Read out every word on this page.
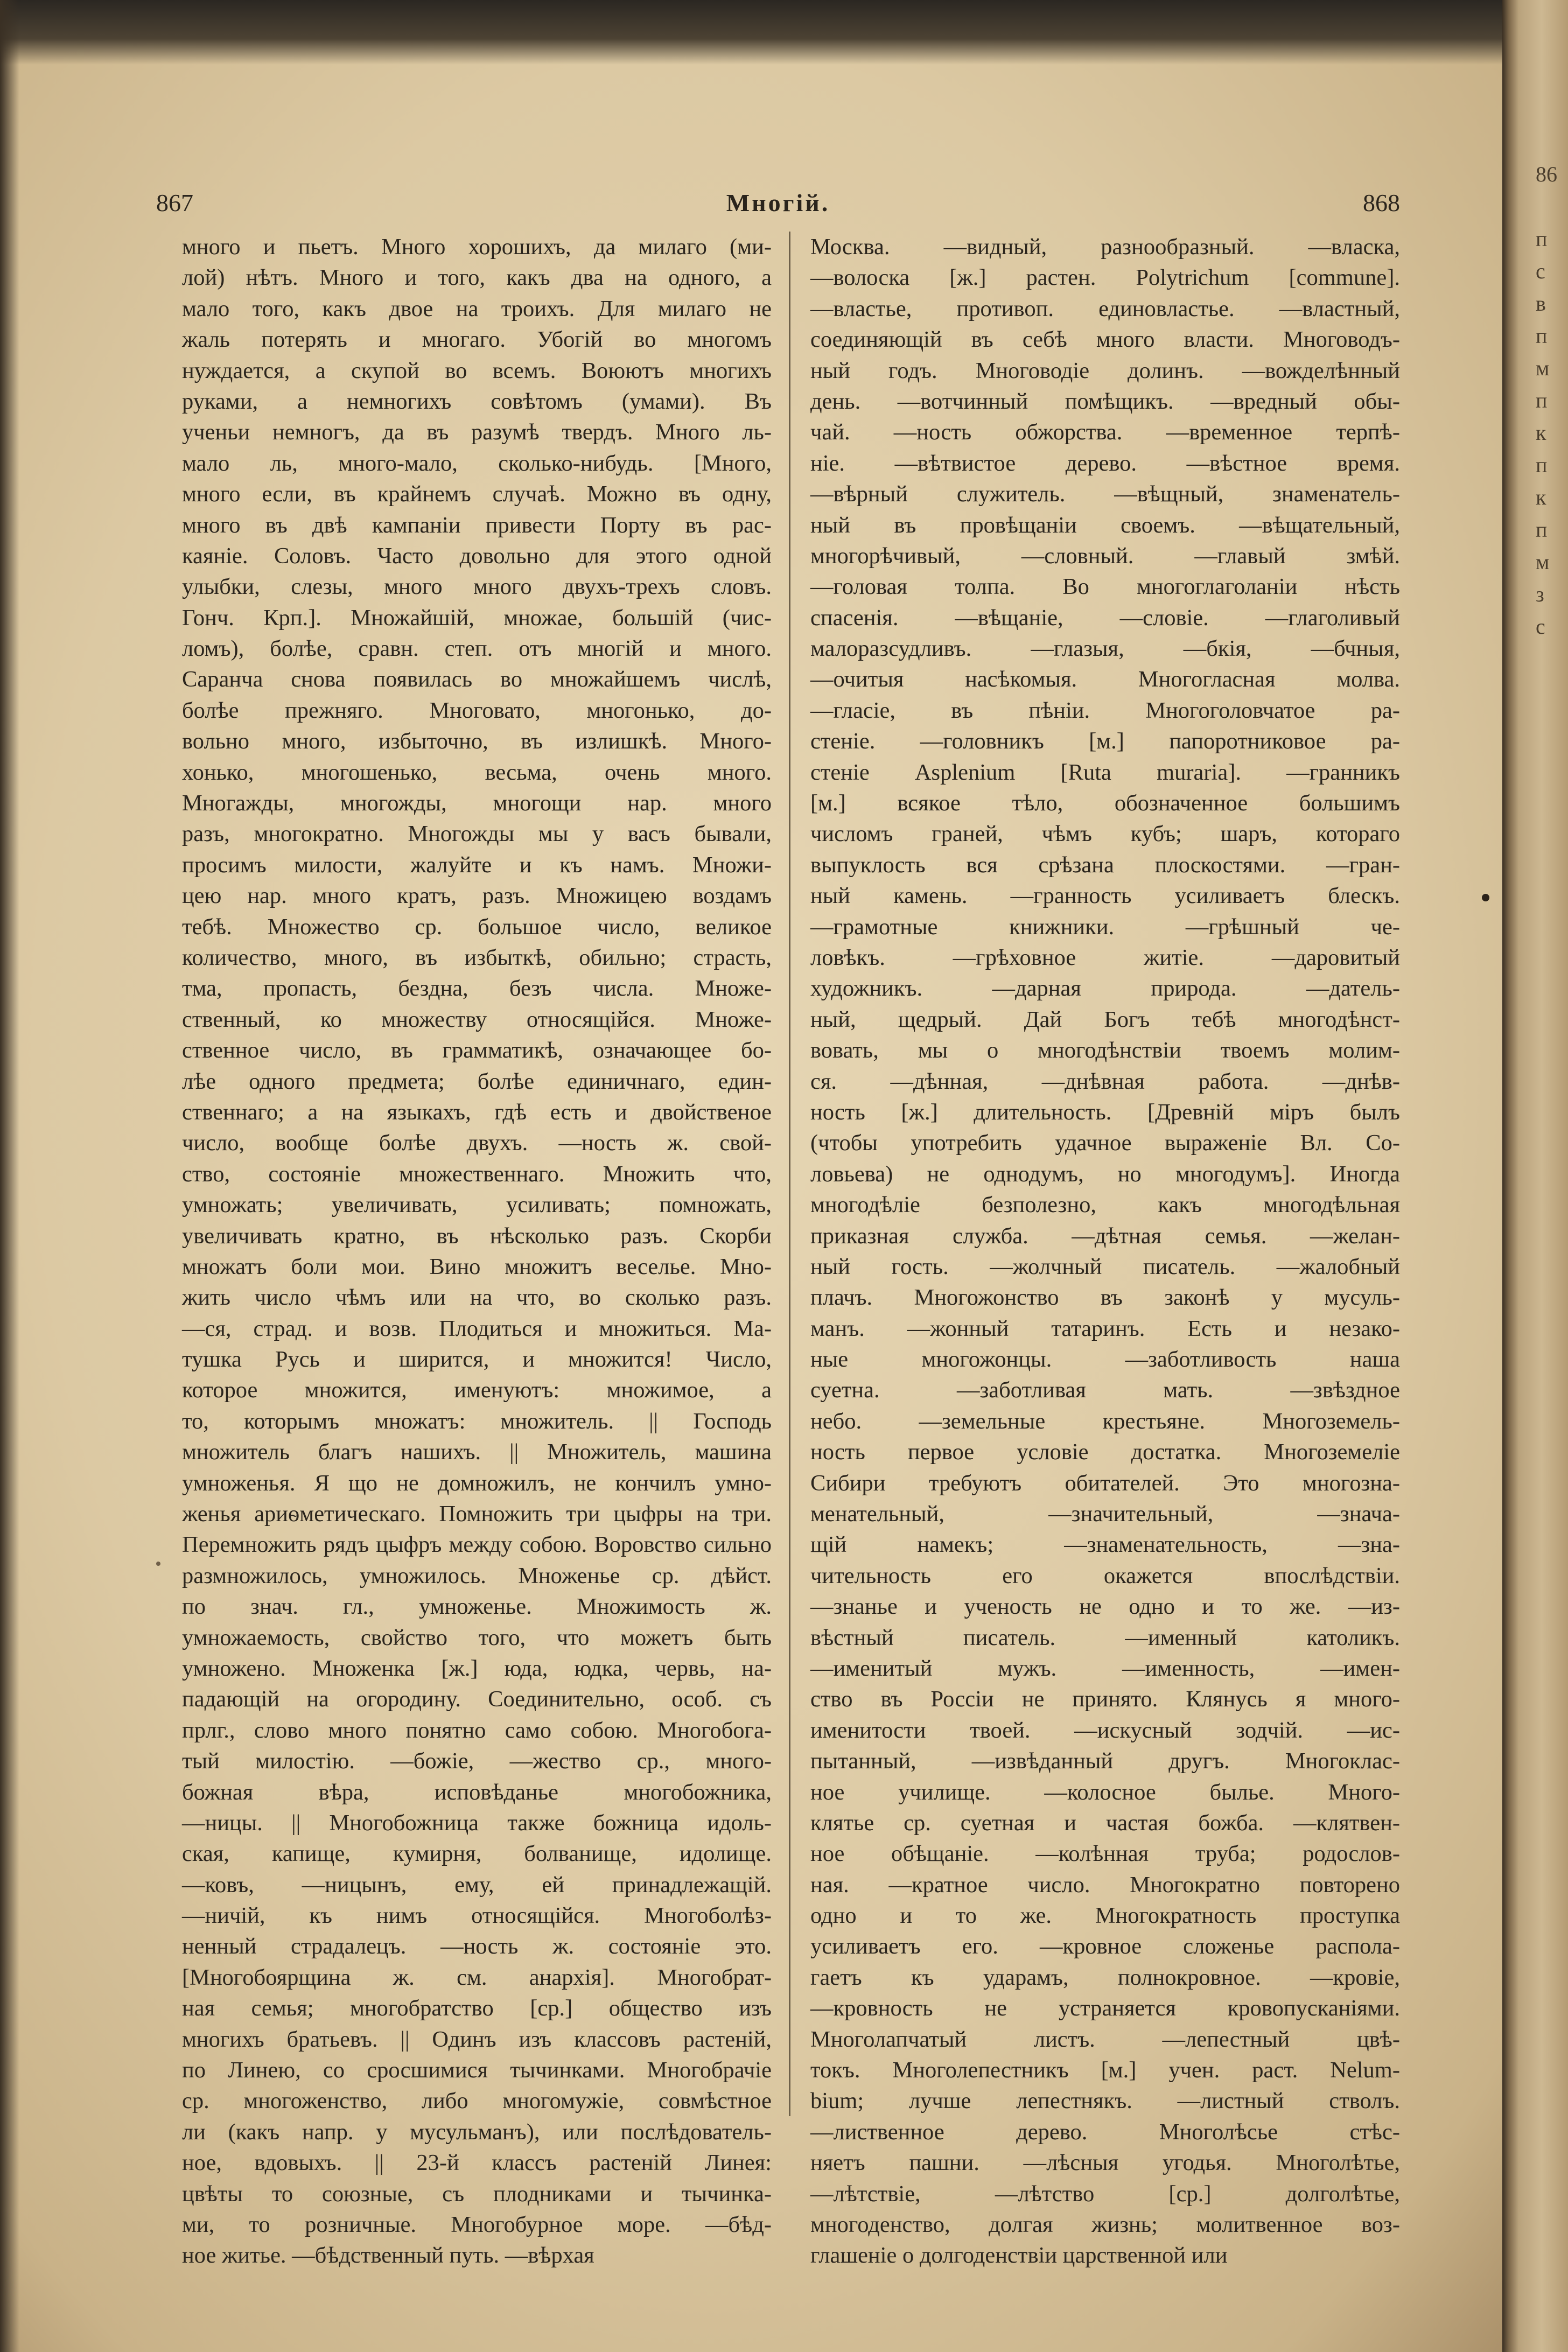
86
п
с
в
п
м
п
к
п
к
п
м
з
с
867	Многій.	868
много и пьетъ. Много хорошихъ, да милаго (ми-
лой) нѣтъ. Много и того, какъ два на одного, а
мало того, какъ двое на троихъ. Для милаго не
жаль потерять и многаго. Убогій во многомъ
нуждается, а скупой во всемъ. Воюютъ многихъ
руками, а немногихъ совѣтомъ (умами). Въ
ученьи немногъ, да въ разумѣ твердъ. Много ль-
мало ль, много-мало, сколько-нибудь. [Много,
много если, въ крайнемъ случаѣ. Можно въ одну,
много въ двѣ кампаніи привести Порту въ рас-
каяніе. Соловъ. Часто довольно для этого одной
улыбки, слезы, много много двухъ-трехъ словъ.
Гонч. Крп.]. Множайшій, множае, большій (чис-
ломъ), болѣе, сравн. степ. отъ многій и много.
Саранча снова появилась во множайшемъ числѣ,
болѣе прежняго. Многовато, многонько, до-
вольно много, избыточно, въ излишкѣ. Много-
хонько, многошенько, весьма, очень много.
Многажды, многожды, многощи нар. много
разъ, многократно. Многожды мы у васъ бывали,
просимъ милости, жалуйте и къ намъ. Множи-
цею нар. много кратъ, разъ. Множицею воздамъ
тебѣ. Множество ср. большое число, великое
количество, много, въ избыткѣ, обильно; страсть,
тма, пропасть, бездна, безъ числа. Множе-
ственный, ко множеству относящійся. Множе-
ственное число, въ грамматикѣ, означающее бо-
лѣе одного предмета; болѣе единичнаго, един-
ственнаго; а на языкахъ, гдѣ есть и двойственое
число, вообще болѣе двухъ. —ность ж. свой-
ство, состояніе множественнаго. Множить что,
умножать; увеличивать, усиливать; помножать,
увеличивать кратно, въ нѣсколько разъ. Скорби
множатъ боли мои. Вино множитъ веселье. Мно-
жить число чѣмъ или на что, во сколько разъ.
—ся, страд. и возв. Плодиться и множиться. Ма-
тушка Русь и ширится, и множится! Число,
которое множится, именуютъ: множимое, а
то, которымъ множатъ: множитель. || Господь
множитель благъ нашихъ. || Множитель, машина
умноженья. Я що не домножилъ, не кончилъ умно-
женья ариѳметическаго. Помножить три цыфры на три.
Перемножить рядъ цыфръ между собою. Воровство сильно
размножилось, умножилось. Множенье ср. дѣйст.
по знач. гл., умноженье. Множимость ж.
умножаемость, свойство того, что можетъ быть
умножено. Множенка [ж.] юда, юдка, червь, на-
падающій на огородину. Соединительно, особ. съ
прлг., слово много понятно само собою. Многобога-
тый милостію. —божіе, —жество ср., много-
божная вѣра, исповѣданье многобожника,
—ницы. || Многобожница также божница идоль-
ская, капище, кумирня, болванище, идолище.
—ковъ, —ницынъ, ему, ей принадлежащій.
—ничій, къ нимъ относящійся. Многоболѣз-
ненный страдалецъ. —ность ж. состояніе это.
[Многобоярщина ж. см. анархія]. Многобрат-
ная семья; многобратство [ср.] общество изъ
многихъ братьевъ. || Одинъ изъ классовъ растеній,
по Линею, со сросшимися тычинками. Многобрачіе
ср. многоженство, либо многомужіе, совмѣстное
ли (какъ напр. у мусульманъ), или послѣдователь-
ное, вдовыхъ. || 23-й классъ растеній Линея:
цвѣты то союзные, съ плодниками и тычинка-
ми, то розничные. Многобурное море. —бѣд-
ное житье. —бѣдственный путь. —вѣрхая
Москва. —видный, разнообразный. —власка,
—волоска [ж.] растен. Polytrichum [commune].
—властье, противоп. единовластье. —властный,
соединяющій въ себѣ много власти. Многоводъ-
ный годъ. Многоводіе долинъ. —вожделѣнный
день. —вотчинный помѣщикъ. —вредный обы-
чай. —ность обжорства. —временное терпѣ-
ніе. —вѣтвистое дерево. —вѣстное время.
—вѣрный служитель. —вѣщный, знаменатель-
ный въ провѣщаніи своемъ. —вѣщательный,
многорѣчивый, —словный. —главый змѣй.
—головая толпа. Во многоглаголаніи нѣсть
спасенія. —вѣщаніе, —словіе. —глаголивый
малоразсудливъ. —глазыя, —бкія, —бчныя,
—очитыя насѣкомыя. Многогласная молва.
—гласіе, въ пѣніи. Многоголовчатое ра-
стеніе. —головникъ [м.] папоротниковое ра-
стеніе Asplenium [Ruta muraria]. —гранникъ
[м.] всякое тѣло, обозначенное большимъ
числомъ граней, чѣмъ кубъ; шаръ, котораго
выпуклость вся срѣзана плоскостями. —гран-
ный камень. —гранность усиливаетъ блескъ.
—грамотные книжники. —грѣшный че-
ловѣкъ. —грѣховное житіе. —даровитый
художникъ. —дарная природа. —датель-
ный, щедрый. Дай Богъ тебѣ многодѣнст-
вовать, мы о многодѣнствіи твоемъ молим-
ся. —дѣнная, —днѣвная работа. —днѣв-
ность [ж.] длительность. [Древній міръ былъ
(чтобы употребить удачное выраженіе Вл. Со-
ловьева) не однодумъ, но многодумъ]. Иногда
многодѣліе безполезно, какъ многодѣльная
приказная служба. —дѣтная семья. —желан-
ный гость. —жолчный писатель. —жалобный
плачъ. Многожонство въ законѣ у мусуль-
манъ. —жонный татаринъ. Есть и незако-
ные многожонцы. —заботливость наша
суетна. —заботливая мать. —звѣздное
небо. —земельные крестьяне. Многоземель-
ность первое условіе достатка. Многоземеліе
Сибири требуютъ обитателей. Это многозна-
менательный, —значительный, —знача-
щій намекъ; —знаменательность, —зна-
чительность его окажется впослѣдствіи.
—знанье и ученость не одно и то же. —из-
вѣстный писатель. —именный католикъ.
—именитый мужъ. —именность, —имен-
ство въ Россіи не принято. Клянусь я много-
именитости твоей. —искусный зодчій. —ис-
пытанный, —извѣданный другъ. Многоклас-
ное училище. —колосное былье. Много-
клятье ср. суетная и частая божба. —клятвен-
ное обѣщаніе. —колѣнная труба; родослов-
ная. —кратное число. Многократно повторено
одно и то же. Многократность проступка
усиливаетъ его. —кровное сложенье распола-
гаетъ къ ударамъ, полнокровное. —кровіе,
—кровность не устраняется кровопусканіями.
Многолапчатый листъ. —лепестный цвѣ-
токъ. Многолепестникъ [м.] учен. раст. Nelum-
bium; лучше лепестнякъ. —листный стволъ.
—лиственное дерево. Многолѣсье стѣс-
няетъ пашни. —лѣсныя угодья. Многолѣтье,
—лѣтствіе, —лѣтство [ср.] долголѣтье,
многоденство, долгая жизнь; молитвенное воз-
глашеніе о долгоденствіи царственной или
